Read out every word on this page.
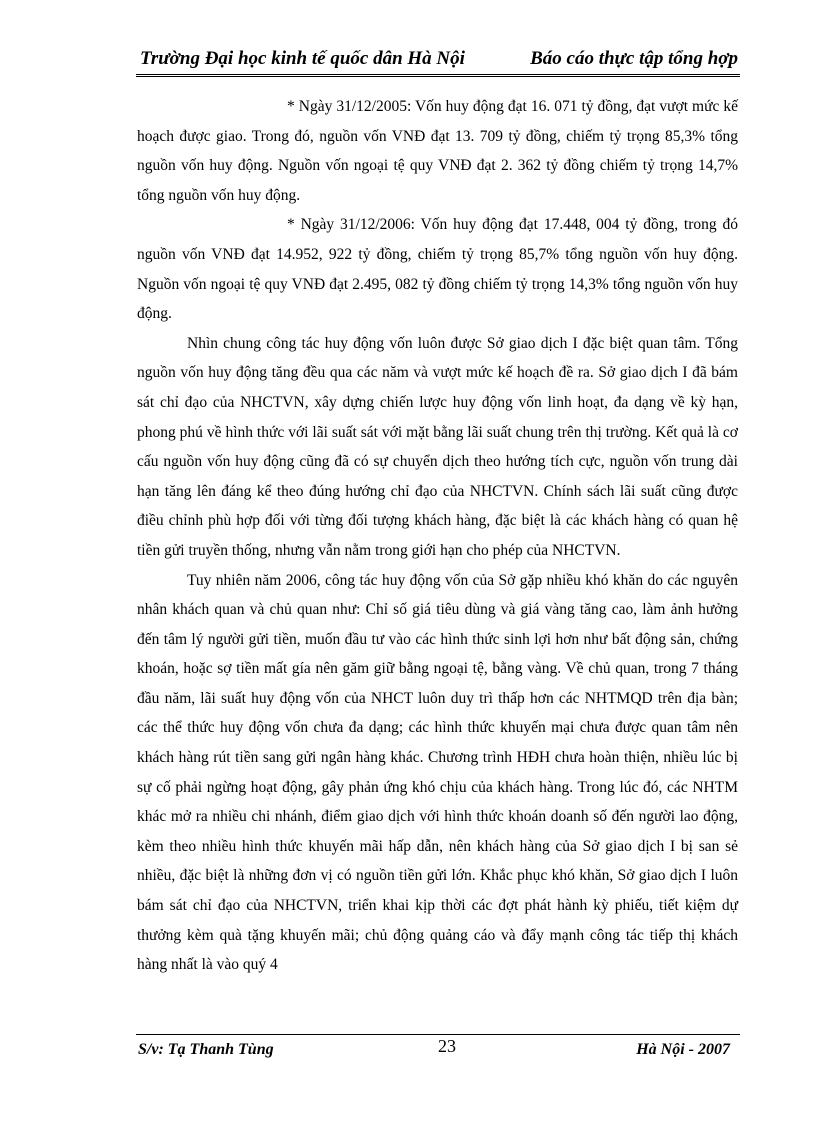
Trường Đại học kinh tế quốc dân Hà Nội	Báo cáo thực tập tổng hợp

* Ngày 31/12/2005: Vốn huy động đạt 16. 071 tỷ đồng, đạt vượt mức kế hoạch được giao. Trong đó, nguồn vốn VNĐ đạt 13. 709 tỷ đồng, chiếm tỷ trọng 85,3% tổng nguồn vốn huy động. Nguồn vốn ngoại tệ quy VNĐ đạt 2. 362 tỷ đồng chiếm tỷ trọng 14,7% tổng nguồn vốn huy động.

* Ngày 31/12/2006: Vốn huy động đạt 17.448, 004 tỷ đồng, trong đó nguồn vốn VNĐ đạt 14.952, 922 tỷ đồng, chiếm tỷ trọng 85,7% tổng nguồn vốn huy động. Nguồn vốn ngoại tệ quy VNĐ đạt 2.495, 082 tỷ đồng chiếm tỷ trọng 14,3% tổng nguồn vốn huy động.

Nhìn chung công tác huy động vốn luôn được Sở giao dịch I đặc biệt quan tâm. Tổng nguồn vốn huy động tăng đều qua các năm và vượt mức kế hoạch đề ra. Sở giao dịch I đã bám sát chỉ đạo của NHCTVN, xây dựng chiến lược huy động vốn linh hoạt, đa dạng về kỳ hạn, phong phú về hình thức với lãi suất sát với mặt bằng lãi suất chung trên thị trường. Kết quả là cơ cấu nguồn vốn huy động cũng đã có sự chuyển dịch theo hướng tích cực, nguồn vốn trung dài hạn tăng lên đáng kể theo đúng hướng chỉ đạo của NHCTVN. Chính sách lãi suất cũng được điều chỉnh phù hợp đối với từng đối tượng khách hàng, đặc biệt là các khách hàng có quan hệ tiền gửi truyền thống, nhưng vẫn nằm trong giới hạn cho phép của NHCTVN.

Tuy nhiên năm 2006, công tác huy động vốn của Sở gặp nhiều khó khăn do các nguyên nhân khách quan và chủ quan như: Chỉ số giá tiêu dùng và giá vàng tăng cao, làm ảnh hưởng đến tâm lý người gửi tiền, muốn đầu tư vào các hình thức sinh lợi hơn như bất động sản, chứng khoán, hoặc sợ tiền mất gía nên găm giữ bằng ngoại tệ, bằng vàng. Về chủ quan, trong 7 tháng đầu năm, lãi suất huy động vốn của NHCT luôn duy trì thấp hơn các NHTMQD trên địa bàn; các thể thức huy động vốn chưa đa dạng; các hình thức khuyến mại chưa được quan tâm nên khách hàng rút tiền sang gửi ngân hàng khác. Chương trình HĐH chưa hoàn thiện, nhiều lúc bị sự cố phải ngừng hoạt động, gây phản ứng khó chịu của khách hàng. Trong lúc đó, các NHTM khác mở ra nhiều chi nhánh, điểm giao dịch với hình thức khoán doanh số đến người lao động, kèm theo nhiều hình thức khuyến mãi hấp dẫn, nên khách hàng của Sở giao dịch I bị san sẻ nhiều, đặc biệt là những đơn vị có nguồn tiền gửi lớn. Khắc phục khó khăn, Sở giao dịch I luôn bám sát chỉ đạo của NHCTVN, triển khai kịp thời các đợt phát hành kỳ phiếu, tiết kiệm dự thưởng kèm quà tặng khuyến mãi; chủ động quảng cáo và đẩy mạnh công tác tiếp thị khách hàng nhất là vào quý 4

S/v: Tạ Thanh Tùng	23	Hà Nội - 2007
